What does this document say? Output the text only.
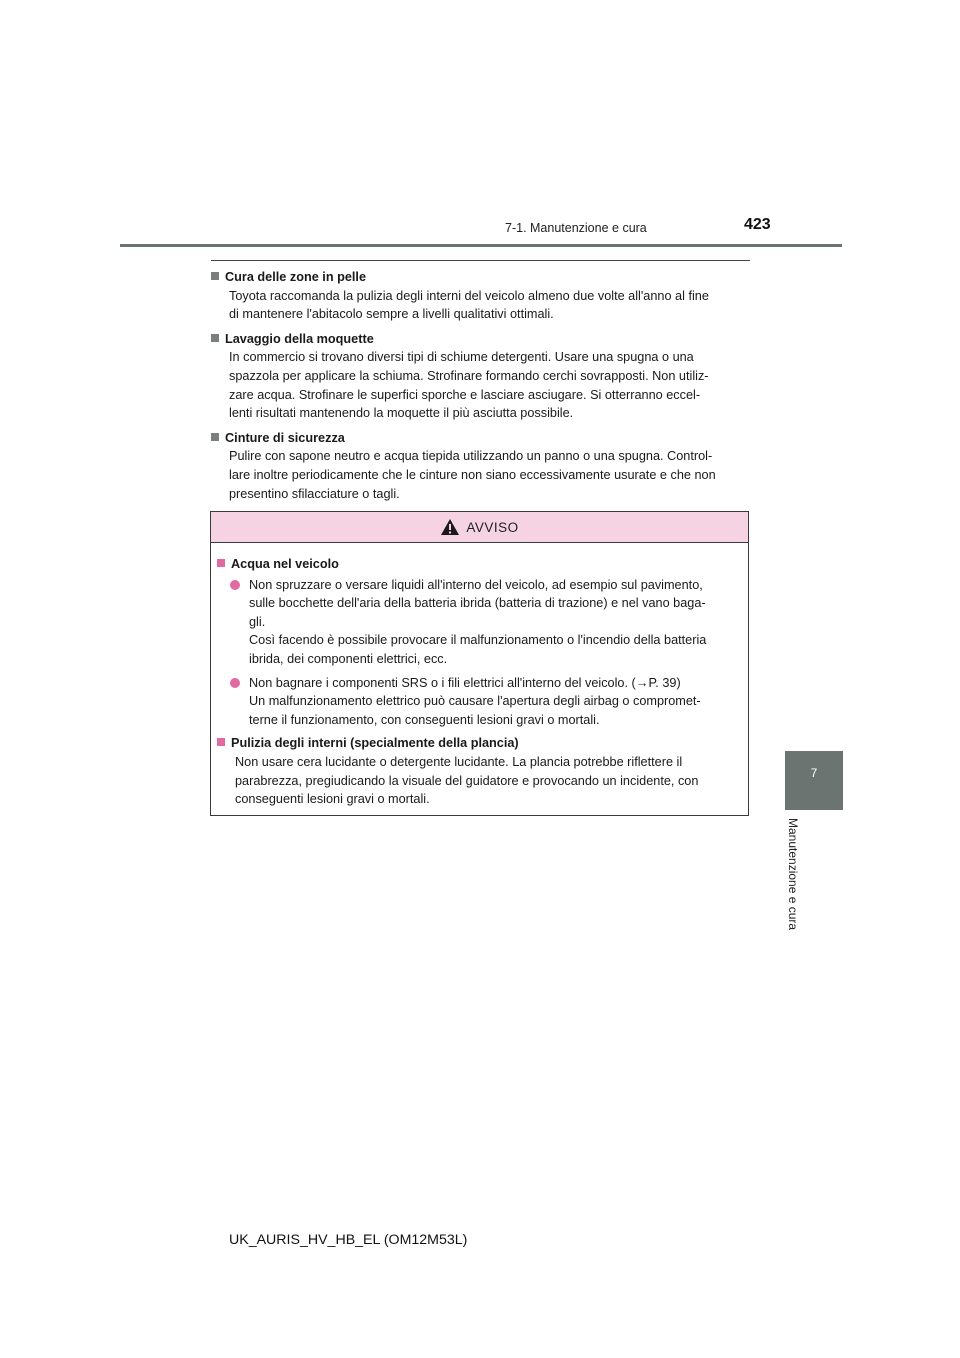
7-1. Manutenzione e cura	423
7
Manutenzione e cura
Cura delle zone in pelle
Toyota raccomanda la pulizia degli interni del veicolo almeno due volte all'anno al fine
di mantenere l'abitacolo sempre a livelli qualitativi ottimali.
Lavaggio della moquette
In commercio si trovano diversi tipi di schiume detergenti. Usare una spugna o una
spazzola per applicare la schiuma. Strofinare formando cerchi sovrapposti. Non utiliz-
zare acqua. Strofinare le superfici sporche e lasciare asciugare. Si otterranno eccel-
lenti risultati mantenendo la moquette il più asciutta possibile.
Cinture di sicurezza
Pulire con sapone neutro e acqua tiepida utilizzando un panno o una spugna. Control-
lare inoltre periodicamente che le cinture non siano eccessivamente usurate e che non
presentino sfilacciature o tagli.
AVVISO
Acqua nel veicolo
Non spruzzare o versare liquidi all'interno del veicolo, ad esempio sul pavimento,
sulle bocchette dell'aria della batteria ibrida (batteria di trazione) e nel vano baga-
gli.
Così facendo è possibile provocare il malfunzionamento o l'incendio della batteria
ibrida, dei componenti elettrici, ecc.
Non bagnare i componenti SRS o i fili elettrici all'interno del veicolo. (→P. 39)
Un malfunzionamento elettrico può causare l'apertura degli airbag o compromet-
terne il funzionamento, con conseguenti lesioni gravi o mortali.
Pulizia degli interni (specialmente della plancia)
Non usare cera lucidante o detergente lucidante. La plancia potrebbe riflettere il
parabrezza, pregiudicando la visuale del guidatore e provocando un incidente, con
conseguenti lesioni gravi o mortali.
UK_AURIS_HV_HB_EL (OM12M53L)
